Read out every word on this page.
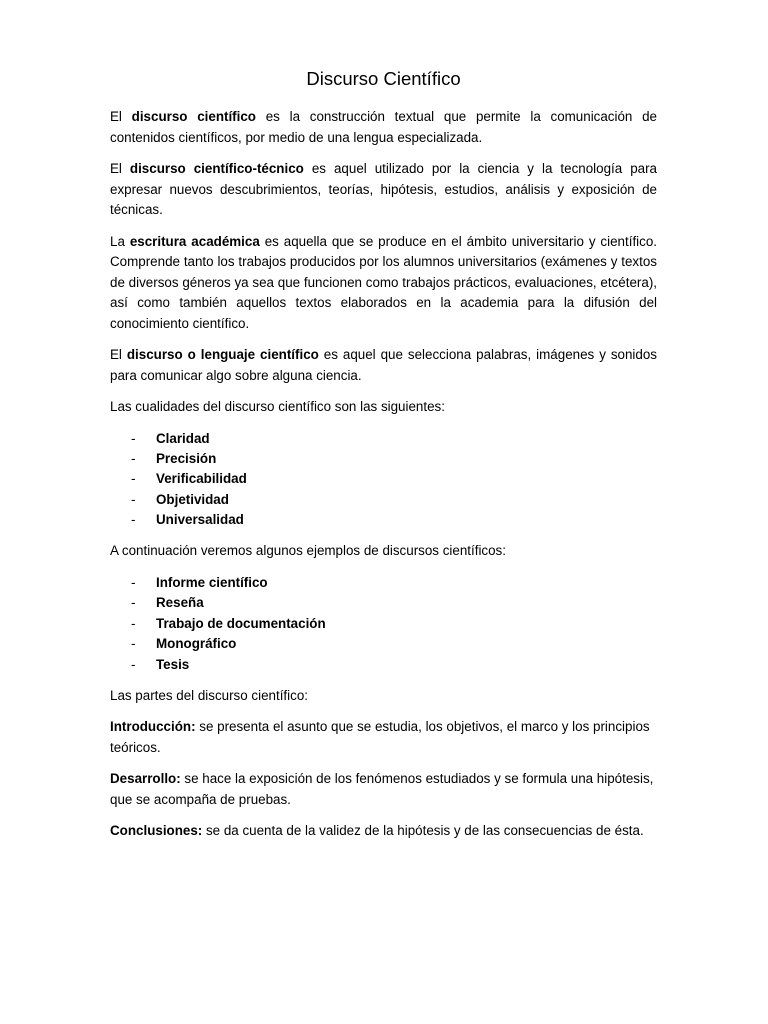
Discurso Científico

El discurso científico es la construcción textual que permite la comunicación de contenidos científicos, por medio de una lengua especializada.

El discurso científico-técnico es aquel utilizado por la ciencia y la tecnología para expresar nuevos descubrimientos, teorías, hipótesis, estudios, análisis y exposición de técnicas.

La escritura académica es aquella que se produce en el ámbito universitario y científico. Comprende tanto los trabajos producidos por los alumnos universitarios (exámenes y textos de diversos géneros ya sea que funcionen como trabajos prácticos, evaluaciones, etcétera), así como también aquellos textos elaborados en la academia para la difusión del conocimiento científico.

El discurso o lenguaje científico es aquel que selecciona palabras, imágenes y sonidos para comunicar algo sobre alguna ciencia.

Las cualidades del discurso científico son las siguientes:

- Claridad
- Precisión
- Verificabilidad
- Objetividad
- Universalidad

A continuación veremos algunos ejemplos de discursos científicos:

- Informe científico
- Reseña
- Trabajo de documentación
- Monográfico
- Tesis

Las partes del discurso científico:

Introducción: se presenta el asunto que se estudia, los objetivos, el marco y los principios teóricos.

Desarrollo: se hace la exposición de los fenómenos estudiados y se formula una hipótesis, que se acompaña de pruebas.

Conclusiones: se da cuenta de la validez de la hipótesis y de las consecuencias de ésta.
